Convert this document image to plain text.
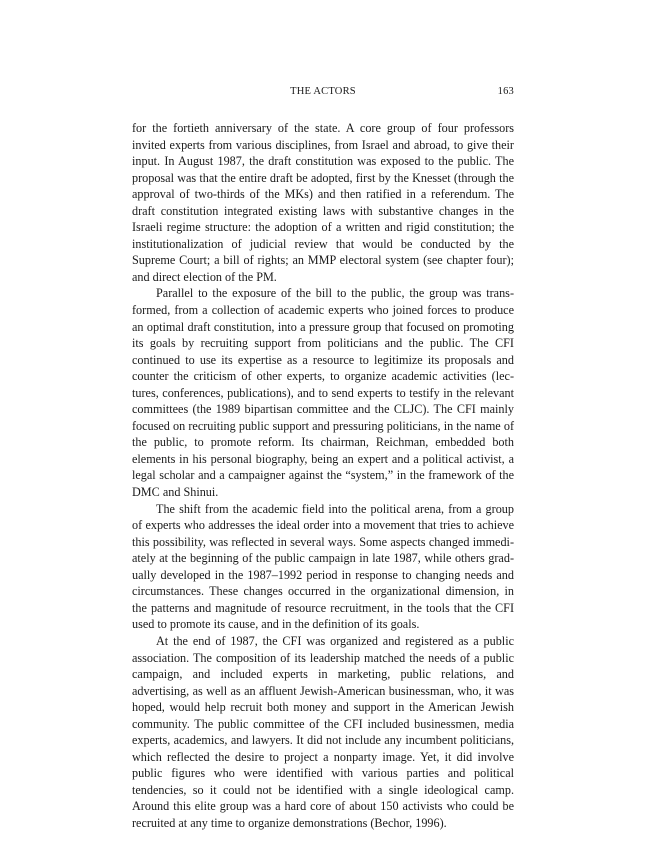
THE ACTORS	163

for the fortieth anniversary of the state. A core group of four professors invited experts from various disciplines, from Israel and abroad, to give their input. In August 1987, the draft constitution was exposed to the public. The proposal was that the entire draft be adopted, first by the Knesset (through the approval of two-thirds of the MKs) and then ratified in a referendum. The draft constitution integrated existing laws with substantive changes in the Israeli regime structure: the adoption of a written and rigid constitution; the institutionalization of judicial review that would be conducted by the Supreme Court; a bill of rights; an MMP electoral system (see chapter four); and direct election of the PM.

Parallel to the exposure of the bill to the public, the group was transformed, from a collection of academic experts who joined forces to produce an optimal draft constitution, into a pressure group that focused on promoting its goals by recruiting support from politicians and the public. The CFI continued to use its expertise as a resource to legitimize its proposals and counter the criticism of other experts, to organize academic activities (lectures, conferences, publications), and to send experts to testify in the relevant committees (the 1989 bipartisan committee and the CLJC). The CFI mainly focused on recruiting public support and pressuring politicians, in the name of the public, to promote reform. Its chairman, Reichman, embedded both elements in his personal biography, being an expert and a political activist, a legal scholar and a campaigner against the “system,” in the framework of the DMC and Shinui.

The shift from the academic field into the political arena, from a group of experts who addresses the ideal order into a movement that tries to achieve this possibility, was reflected in several ways. Some aspects changed immediately at the beginning of the public campaign in late 1987, while others gradually developed in the 1987–1992 period in response to changing needs and circumstances. These changes occurred in the organizational dimension, in the patterns and magnitude of resource recruitment, in the tools that the CFI used to promote its cause, and in the definition of its goals.

At the end of 1987, the CFI was organized and registered as a public association. The composition of its leadership matched the needs of a public campaign, and included experts in marketing, public relations, and advertising, as well as an affluent Jewish-American businessman, who, it was hoped, would help recruit both money and support in the American Jewish community. The public committee of the CFI included businessmen, media experts, academics, and lawyers. It did not include any incumbent politicians, which reflected the desire to project a nonparty image. Yet, it did involve public figures who were identified with various parties and political tendencies, so it could not be identified with a single ideological camp. Around this elite group was a hard core of about 150 activists who could be recruited at any time to organize demonstrations (Bechor, 1996).
